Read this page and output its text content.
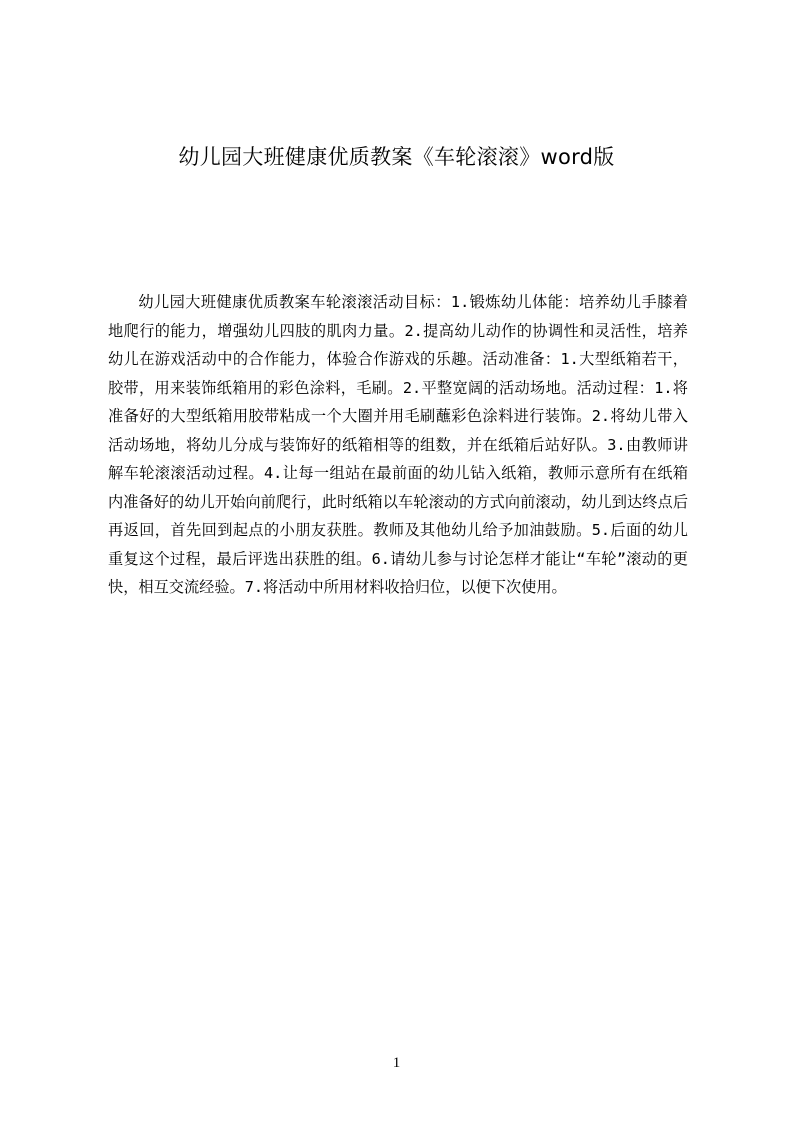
幼儿园大班健康优质教案《车轮滚滚》word版

幼儿园大班健康优质教案车轮滚滚活动目标：1.锻炼幼儿体能：培养幼儿手膝着地爬行的能力，增强幼儿四肢的肌肉力量。2.提高幼儿动作的协调性和灵活性，培养幼儿在游戏活动中的合作能力，体验合作游戏的乐趣。活动准备：1.大型纸箱若干，胶带，用来装饰纸箱用的彩色涂料，毛刷。2.平整宽阔的活动场地。活动过程：1.将准备好的大型纸箱用胶带粘成一个大圈并用毛刷蘸彩色涂料进行装饰。2.将幼儿带入活动场地，将幼儿分成与装饰好的纸箱相等的组数，并在纸箱后站好队。3.由教师讲解车轮滚滚活动过程。4.让每一组站在最前面的幼儿钻入纸箱，教师示意所有在纸箱内准备好的幼儿开始向前爬行，此时纸箱以车轮滚动的方式向前滚动，幼儿到达终点后再返回，首先回到起点的小朋友获胜。教师及其他幼儿给予加油鼓励。5.后面的幼儿重复这个过程，最后评选出获胜的组。6.请幼儿参与讨论怎样才能让“车轮”滚动的更快，相互交流经验。7.将活动中所用材料收拾归位，以便下次使用。

1
